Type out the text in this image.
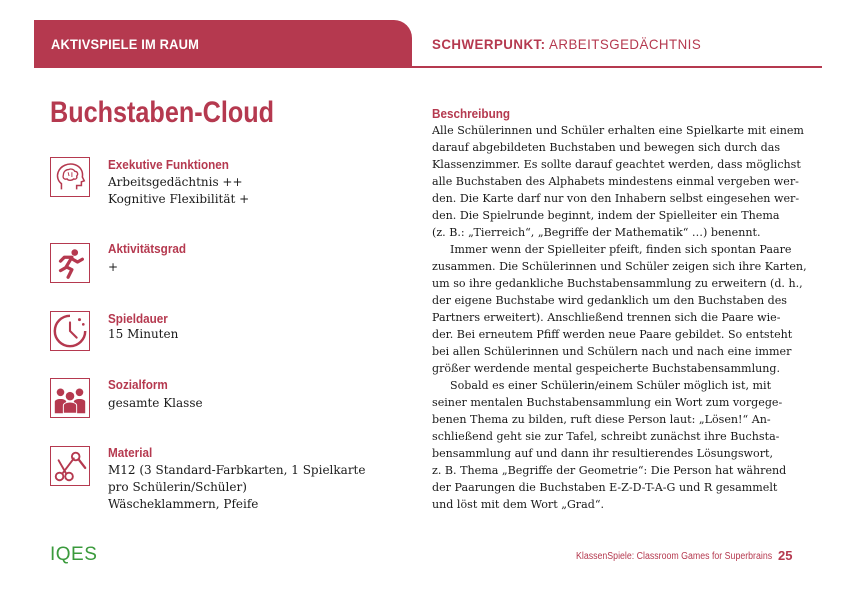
AKTIVSPIELE IM RAUM	SCHWERPUNKT: ARBEITSGEDÄCHTNIS
Buchstaben-Cloud
Exekutive Funktionen
Arbeitsgedächtnis ++
Kognitive Flexibilität +
Aktivitätsgrad
+
Spieldauer
15 Minuten
Sozialform
gesamte Klasse
Material
M12 (3 Standard-Farbkarten, 1 Spielkarte
pro Schülerin/Schüler)
Wäscheklammern, Pfeife
Beschreibung
Alle Schülerinnen und Schüler erhalten eine Spielkarte mit einem
darauf abgebildeten Buchstaben und bewegen sich durch das
Klassenzimmer. Es sollte darauf geachtet werden, dass möglichst
alle Buchstaben des Alphabets mindestens einmal vergeben wer-
den. Die Karte darf nur von den Inhabern selbst eingesehen wer-
den. Die Spielrunde beginnt, indem der Spielleiter ein Thema
(z. B.: „Tierreich“, „Begriffe der Mathematik“ …) benennt.
Immer wenn der Spielleiter pfeift, finden sich spontan Paare
zusammen. Die Schülerinnen und Schüler zeigen sich ihre Karten,
um so ihre gedankliche Buchstabensammlung zu erweitern (d. h.,
der eigene Buchstabe wird gedanklich um den Buchstaben des
Partners erweitert). Anschließend trennen sich die Paare wie-
der. Bei erneutem Pfiff werden neue Paare gebildet. So entsteht
bei allen Schülerinnen und Schülern nach und nach eine immer
größer werdende mental gespeicherte Buchstabensammlung.
Sobald es einer Schülerin/einem Schüler möglich ist, mit
seiner mentalen Buchstabensammlung ein Wort zum vorgege-
benen Thema zu bilden, ruft diese Person laut: „Lösen!“ An-
schließend geht sie zur Tafel, schreibt zunächst ihre Buchsta-
bensammlung auf und dann ihr resultierendes Lösungswort,
z. B. Thema „Begriffe der Geometrie“: Die Person hat während
der Paarungen die Buchstaben E-Z-D-T-A-G und R gesammelt
und löst mit dem Wort „Grad“.
IQES	KlassenSpiele: Classroom Games for Superbrains 25
